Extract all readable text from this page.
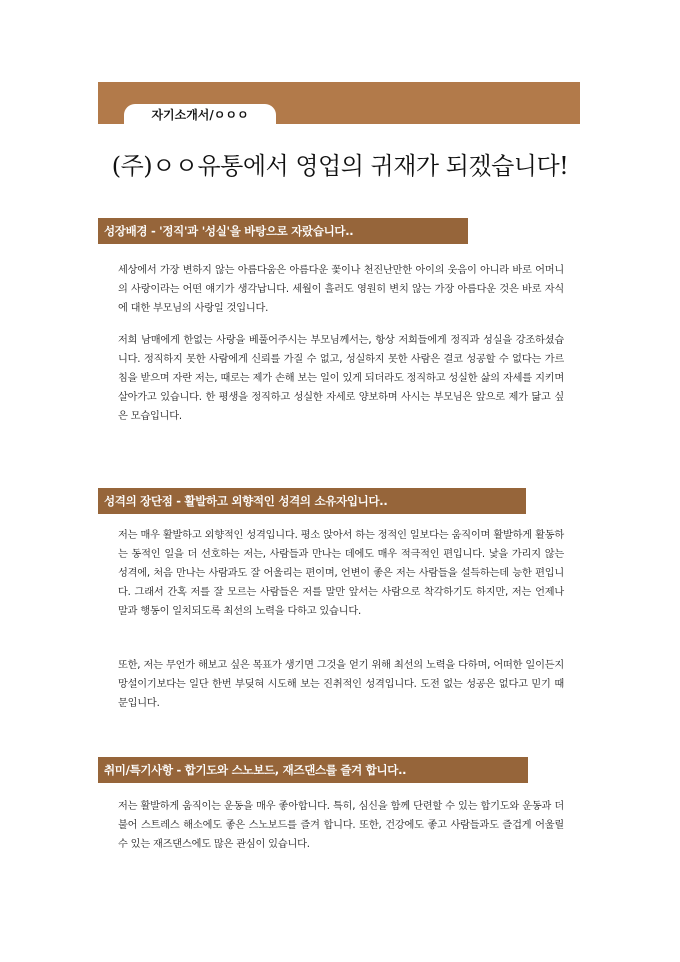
자기소개서/ㅇㅇㅇ
(주)ㅇㅇ유통에서 영업의 귀재가 되겠습니다!
성장배경 - '정직'과 '성실'을 바탕으로 자랐습니다..

세상에서 가장 변하지 않는 아름다움은 아름다운 꽃이나 천진난만한 아이의 웃음이 아니라 바로 어머니의 사랑이라는 어떤 얘기가 생각납니다. 세월이 흘러도 영원히 변치 않는 가장 아름다운 것은 바로 자식에 대한 부모님의 사랑일 것입니다.

저희 남매에게 한없는 사랑을 베풀어주시는 부모님께서는, 항상 저희들에게 정직과 성실을 강조하셨습니다. 정직하지 못한 사람에게 신뢰를 가질 수 없고, 성실하지 못한 사람은 결코 성공할 수 없다는 가르침을 받으며 자란 저는, 때로는 제가 손해 보는 일이 있게 되더라도 정직하고 성실한 삶의 자세를 지키며 살아가고 있습니다. 한 평생을 정직하고 성실한 자세로 양보하며 사시는 부모님은 앞으로 제가 닮고 싶은 모습입니다.

성격의 장단점 - 활발하고 외향적인 성격의 소유자입니다..

저는 매우 활발하고 외향적인 성격입니다. 평소 앉아서 하는 정적인 일보다는 움직이며 활발하게 활동하는 동적인 일을 더 선호하는 저는, 사람들과 만나는 데에도 매우 적극적인 편입니다. 낯을 가리지 않는 성격에, 처음 만나는 사람과도 잘 어울리는 편이며, 언변이 좋은 저는 사람들을 설득하는데 능한 편입니다. 그래서 간혹 저를 잘 모르는 사람들은 저를 말만 앞서는 사람으로 착각하기도 하지만, 저는 언제나 말과 행동이 일치되도록 최선의 노력을 다하고 있습니다.

또한, 저는 무언가 해보고 싶은 목표가 생기면 그것을 얻기 위해 최선의 노력을 다하며, 어떠한 일이든지 망설이기보다는 일단 한번 부딪혀 시도해 보는 진취적인 성격입니다. 도전 없는 성공은 없다고 믿기 때문입니다.

취미/특기사항 - 합기도와 스노보드, 재즈댄스를 즐겨 합니다..

저는 활발하게 움직이는 운동을 매우 좋아합니다. 특히, 심신을 함께 단련할 수 있는 합기도와 운동과 더불어 스트레스 해소에도 좋은 스노보드를 즐겨 합니다. 또한, 건강에도 좋고 사람들과도 즐겁게 어울릴 수 있는 재즈댄스에도 많은 관심이 있습니다.
